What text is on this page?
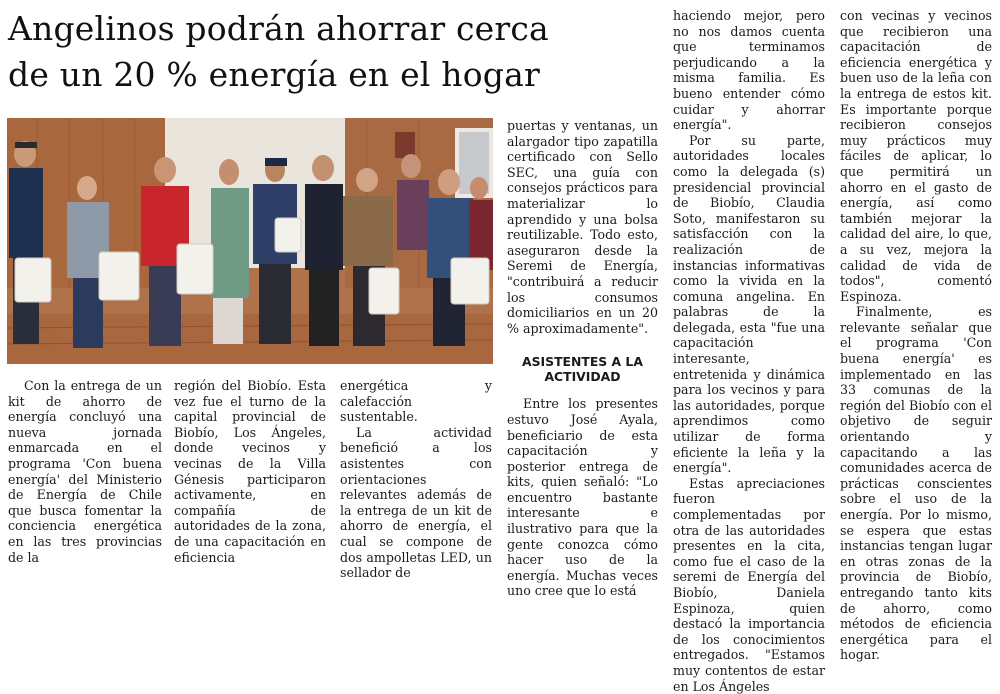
Angelinos podrán ahorrar cerca de un 20 % energía en el hogar

Con la entrega de un kit de ahorro de energía concluyó una nueva jornada enmarcada en el programa 'Con buena energía' del Ministerio de Energía de Chile que busca fomentar la conciencia energética en las tres provincias de la

región del Biobío. Esta vez fue el turno de la capital provincial de Biobío, Los Ángeles, donde vecinos y vecinas de la Villa Génesis participaron activamente, en compañía de autoridades de la zona, de una capacitación en eficiencia

energética y calefacción sustentable.

La actividad benefició a los asistentes con orientaciones relevantes además de la entrega de un kit de ahorro de energía, el cual se compone de dos ampolletas LED, un sellador de

puertas y ventanas, un alargador tipo zapatilla certificado con Sello SEC, una guía con consejos prácticos para materializar lo aprendido y una bolsa reutilizable. Todo esto, aseguraron desde la Seremi de Energía, "contribuirá a reducir los consumos domiciliarios en un 20 % aproximadamente".

ASISTENTES A LA ACTIVIDAD

Entre los presentes estuvo José Ayala, beneficiario de esta capacitación y posterior entrega de kits, quien señaló: "Lo encuentro bastante interesante e ilustrativo para que la gente conozca cómo hacer uso de la energía. Muchas veces uno cree que lo está

haciendo mejor, pero no nos damos cuenta que terminamos perjudicando a la misma familia. Es bueno entender cómo cuidar y ahorrar energía".

Por su parte, autoridades locales como la delegada (s) presidencial provincial de Biobío, Claudia Soto, manifestaron su satisfacción con la realización de instancias informativas como la vivida en la comuna angelina. En palabras de la delegada, esta "fue una capacitación interesante, entretenida y dinámica para los vecinos y para las autoridades, porque aprendimos como utilizar de forma eficiente la leña y la energía".

Estas apreciaciones fueron complementadas por otra de las autoridades presentes en la cita, como fue el caso de la seremi de Energía del Biobío, Daniela Espinoza, quien destacó la importancia de los conocimientos entregados. "Estamos muy contentos de estar en Los Ángeles

con vecinas y vecinos que recibieron una capacitación de eficiencia energética y buen uso de la leña con la entrega de estos kit. Es importante porque recibieron consejos muy prácticos muy fáciles de aplicar, lo que permitirá un ahorro en el gasto de energía, así como también mejorar la calidad del aire, lo que, a su vez, mejora la calidad de vida de todos", comentó Espinoza.

Finalmente, es relevante señalar que el programa 'Con buena energía' es implementado en las 33 comunas de la región del Biobío con el objetivo de seguir orientando y capacitando a las comunidades acerca de prácticas conscientes sobre el uso de la energía. Por lo mismo, se espera que estas instancias tengan lugar en otras zonas de la provincia de Biobío, entregando tanto kits de ahorro, como métodos de eficiencia energética para el hogar.
